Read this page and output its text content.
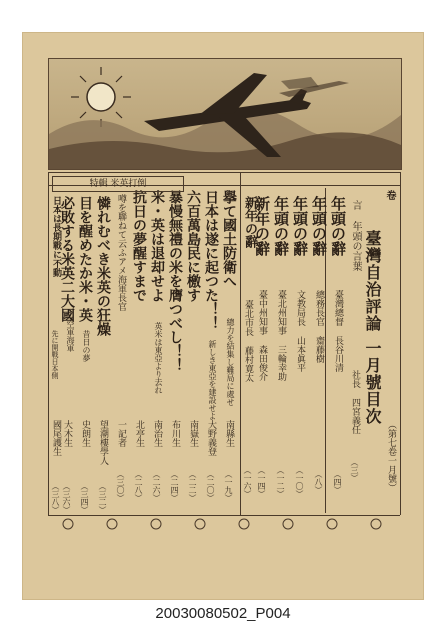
臺灣自治評論
一月號目次
（第七卷一月號）
卷
言 年頭の言葉
社長 四宮義任
（三）
年頭の辭
臺灣總督 長谷川清
（四）
年頭の辭
總務長官 齋藤樹
（八）
年頭の辭
文教局長 山本眞平
（一〇）
年頭の辭
臺北州知事 三輪幸助
（一二）
新年の辭
臺中州知事 森田俊介
（一四）
新年の辭
臺北市長 藤村寛太
（一六）
擧て國土防衛へ
總力を結集し難局に處せ
南縣生
（一九）
日本は遂に起つた！！
新しき東亞を建設せよ
大野義登
（二〇）
六百萬島民に檄す
南嶽生
（二二）
暴慢無禮の米を膺つべし！！
布川生
（二四）
米・英は退却せよ
英米は東亞より去れ
南治生
（二六）
抗日の夢醒すまで
北亭生
（二八）
噂を聯ねて云ふアメ海軍長官
一記者
（三〇）
特輯 米英打倒
憐れむべき米英の狂燥
望潮樓學人
（三二）
目を醒めたか米・英
昔日の夢
史朗生
（三四）
必敗する米英二大國
空軍海軍
大木生
（三六）
日本は長期戰に不動
先に開戰日本側
國尾護生
（三八）
20030080502_P004
